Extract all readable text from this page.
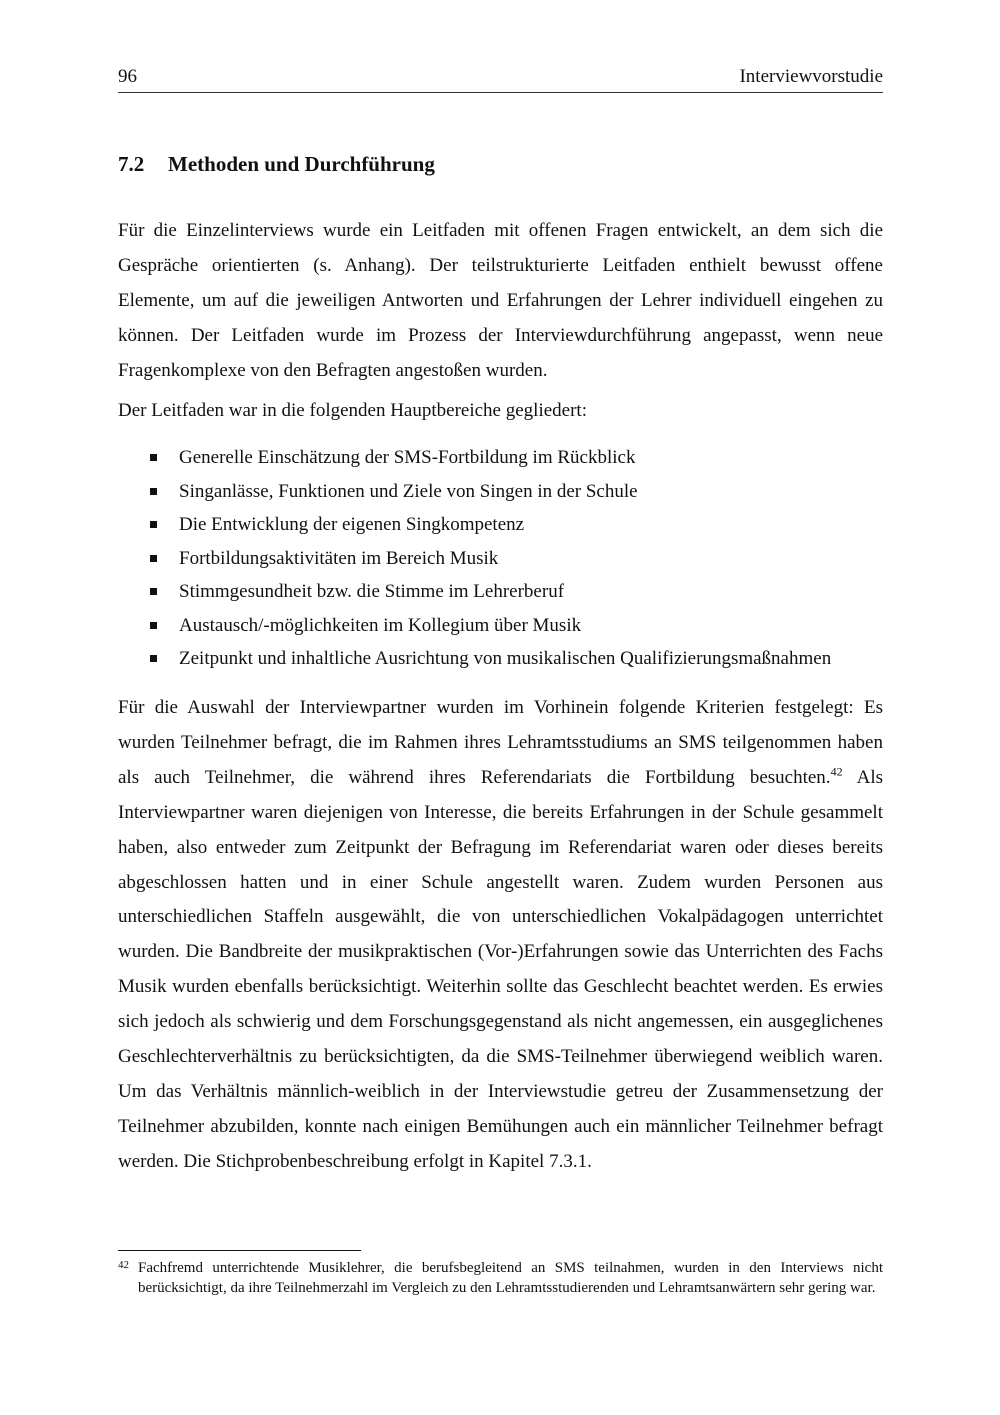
96	Interviewvorstudie
7.2 Methoden und Durchführung

Für die Einzelinterviews wurde ein Leitfaden mit offenen Fragen entwickelt, an dem sich die Gespräche orientierten (s. Anhang). Der teilstrukturierte Leitfaden enthielt bewusst offene Elemente, um auf die jeweiligen Antworten und Erfahrungen der Lehrer individuell eingehen zu können. Der Leitfaden wurde im Prozess der Interviewdurchführung angepasst, wenn neue Fragenkomplexe von den Befragten angestoßen wurden.

Der Leitfaden war in die folgenden Hauptbereiche gegliedert:

Generelle Einschätzung der SMS-Fortbildung im Rückblick
Singanlässe, Funktionen und Ziele von Singen in der Schule
Die Entwicklung der eigenen Singkompetenz
Fortbildungsaktivitäten im Bereich Musik
Stimmgesundheit bzw. die Stimme im Lehrerberuf
Austausch/-möglichkeiten im Kollegium über Musik
Zeitpunkt und inhaltliche Ausrichtung von musikalischen Qualifizierungsmaßnahmen

Für die Auswahl der Interviewpartner wurden im Vorhinein folgende Kriterien festgelegt: Es wurden Teilnehmer befragt, die im Rahmen ihres Lehramtsstudiums an SMS teilgenommen haben als auch Teilnehmer, die während ihres Referendariats die Fortbildung besuchten.$^{42}$ Als Interviewpartner waren diejenigen von Interesse, die bereits Erfahrungen in der Schule gesammelt haben, also entweder zum Zeitpunkt der Befragung im Referendariat waren oder dieses bereits abgeschlossen hatten und in einer Schule angestellt waren. Zudem wurden Personen aus unterschiedlichen Staffeln ausgewählt, die von unterschiedlichen Vokalpädagogen unterrichtet wurden. Die Bandbreite der musikpraktischen (Vor-)Erfahrungen sowie das Unterrichten des Fachs Musik wurden ebenfalls berücksichtigt. Weiterhin sollte das Geschlecht beachtet werden. Es erwies sich jedoch als schwierig und dem Forschungsgegenstand als nicht angemessen, ein ausgeglichenes Geschlechterverhältnis zu berücksichtigten, da die SMS-Teilnehmer überwiegend weiblich waren. Um das Verhältnis männlich-weiblich in der Interviewstudie getreu der Zusammensetzung der Teilnehmer abzubilden, konnte nach einigen Bemühungen auch ein männlicher Teilnehmer befragt werden. Die Stichprobenbeschreibung erfolgt in Kapitel 7.3.1.

42 Fachfremd unterrichtende Musiklehrer, die berufsbegleitend an SMS teilnahmen, wurden in den Interviews nicht berücksichtigt, da ihre Teilnehmerzahl im Vergleich zu den Lehramtsstudierenden und Lehramtsanwärtern sehr gering war.
